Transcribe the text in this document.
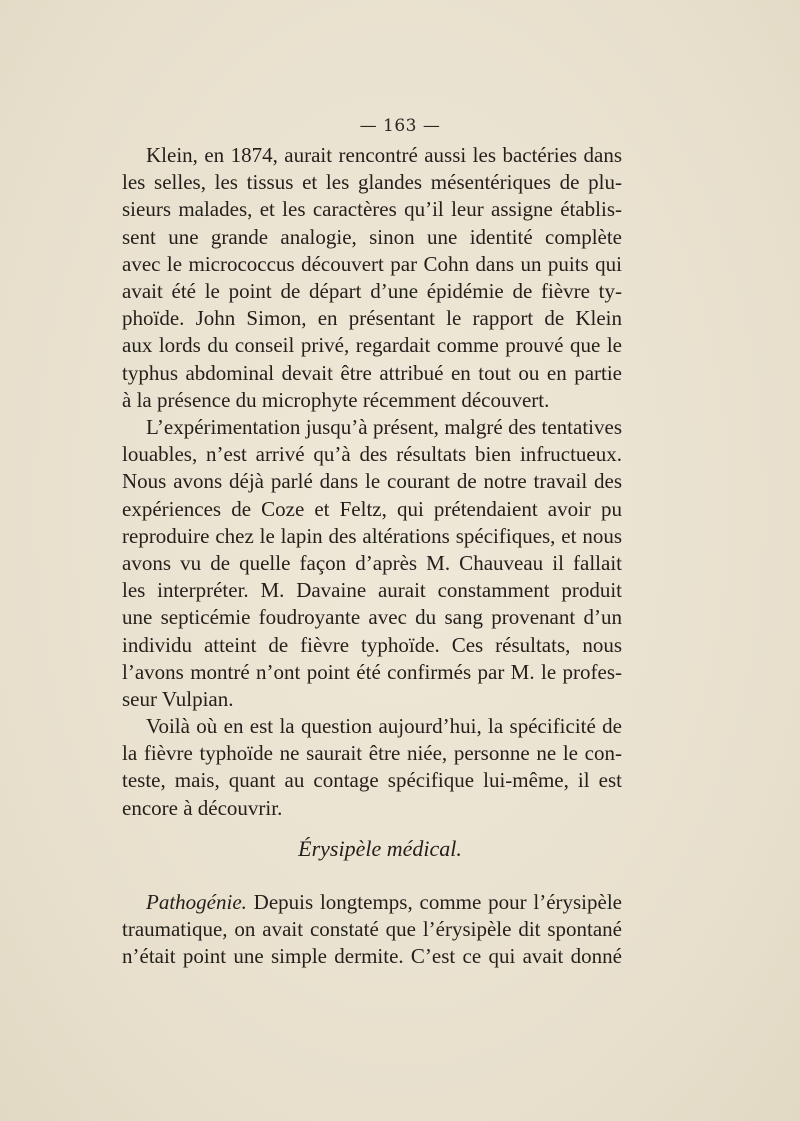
— 163 —
Klein, en 1874, aurait rencontré aussi les bactéries dans
les selles, les tissus et les glandes mésentériques de plu-
sieurs malades, et les caractères qu’il leur assigne établis-
sent une grande analogie, sinon une identité complète
avec le micrococcus découvert par Cohn dans un puits qui
avait été le point de départ d’une épidémie de fièvre ty-
phoïde. John Simon, en présentant le rapport de Klein
aux lords du conseil privé, regardait comme prouvé que le
typhus abdominal devait être attribué en tout ou en partie
à la présence du microphyte récemment découvert.
L’expérimentation jusqu’à présent, malgré des tentatives
louables, n’est arrivé qu’à des résultats bien infructueux.
Nous avons déjà parlé dans le courant de notre travail des
expériences de Coze et Feltz, qui prétendaient avoir pu
reproduire chez le lapin des altérations spécifiques, et nous
avons vu de quelle façon d’après M. Chauveau il fallait
les interpréter. M. Davaine aurait constamment produit
une septicémie foudroyante avec du sang provenant d’un
individu atteint de fièvre typhoïde. Ces résultats, nous
l’avons montré n’ont point été confirmés par M. le profes-
seur Vulpian.
Voilà où en est la question aujourd’hui, la spécificité de
la fièvre typhoïde ne saurait être niée, personne ne le con-
teste, mais, quant au contage spécifique lui-même, il est
encore à découvrir.
Érysipèle médical.
Pathogénie. Depuis longtemps, comme pour l’érysipèle
traumatique, on avait constaté que l’érysipèle dit spontané
n’était point une simple dermite. C’est ce qui avait donné
